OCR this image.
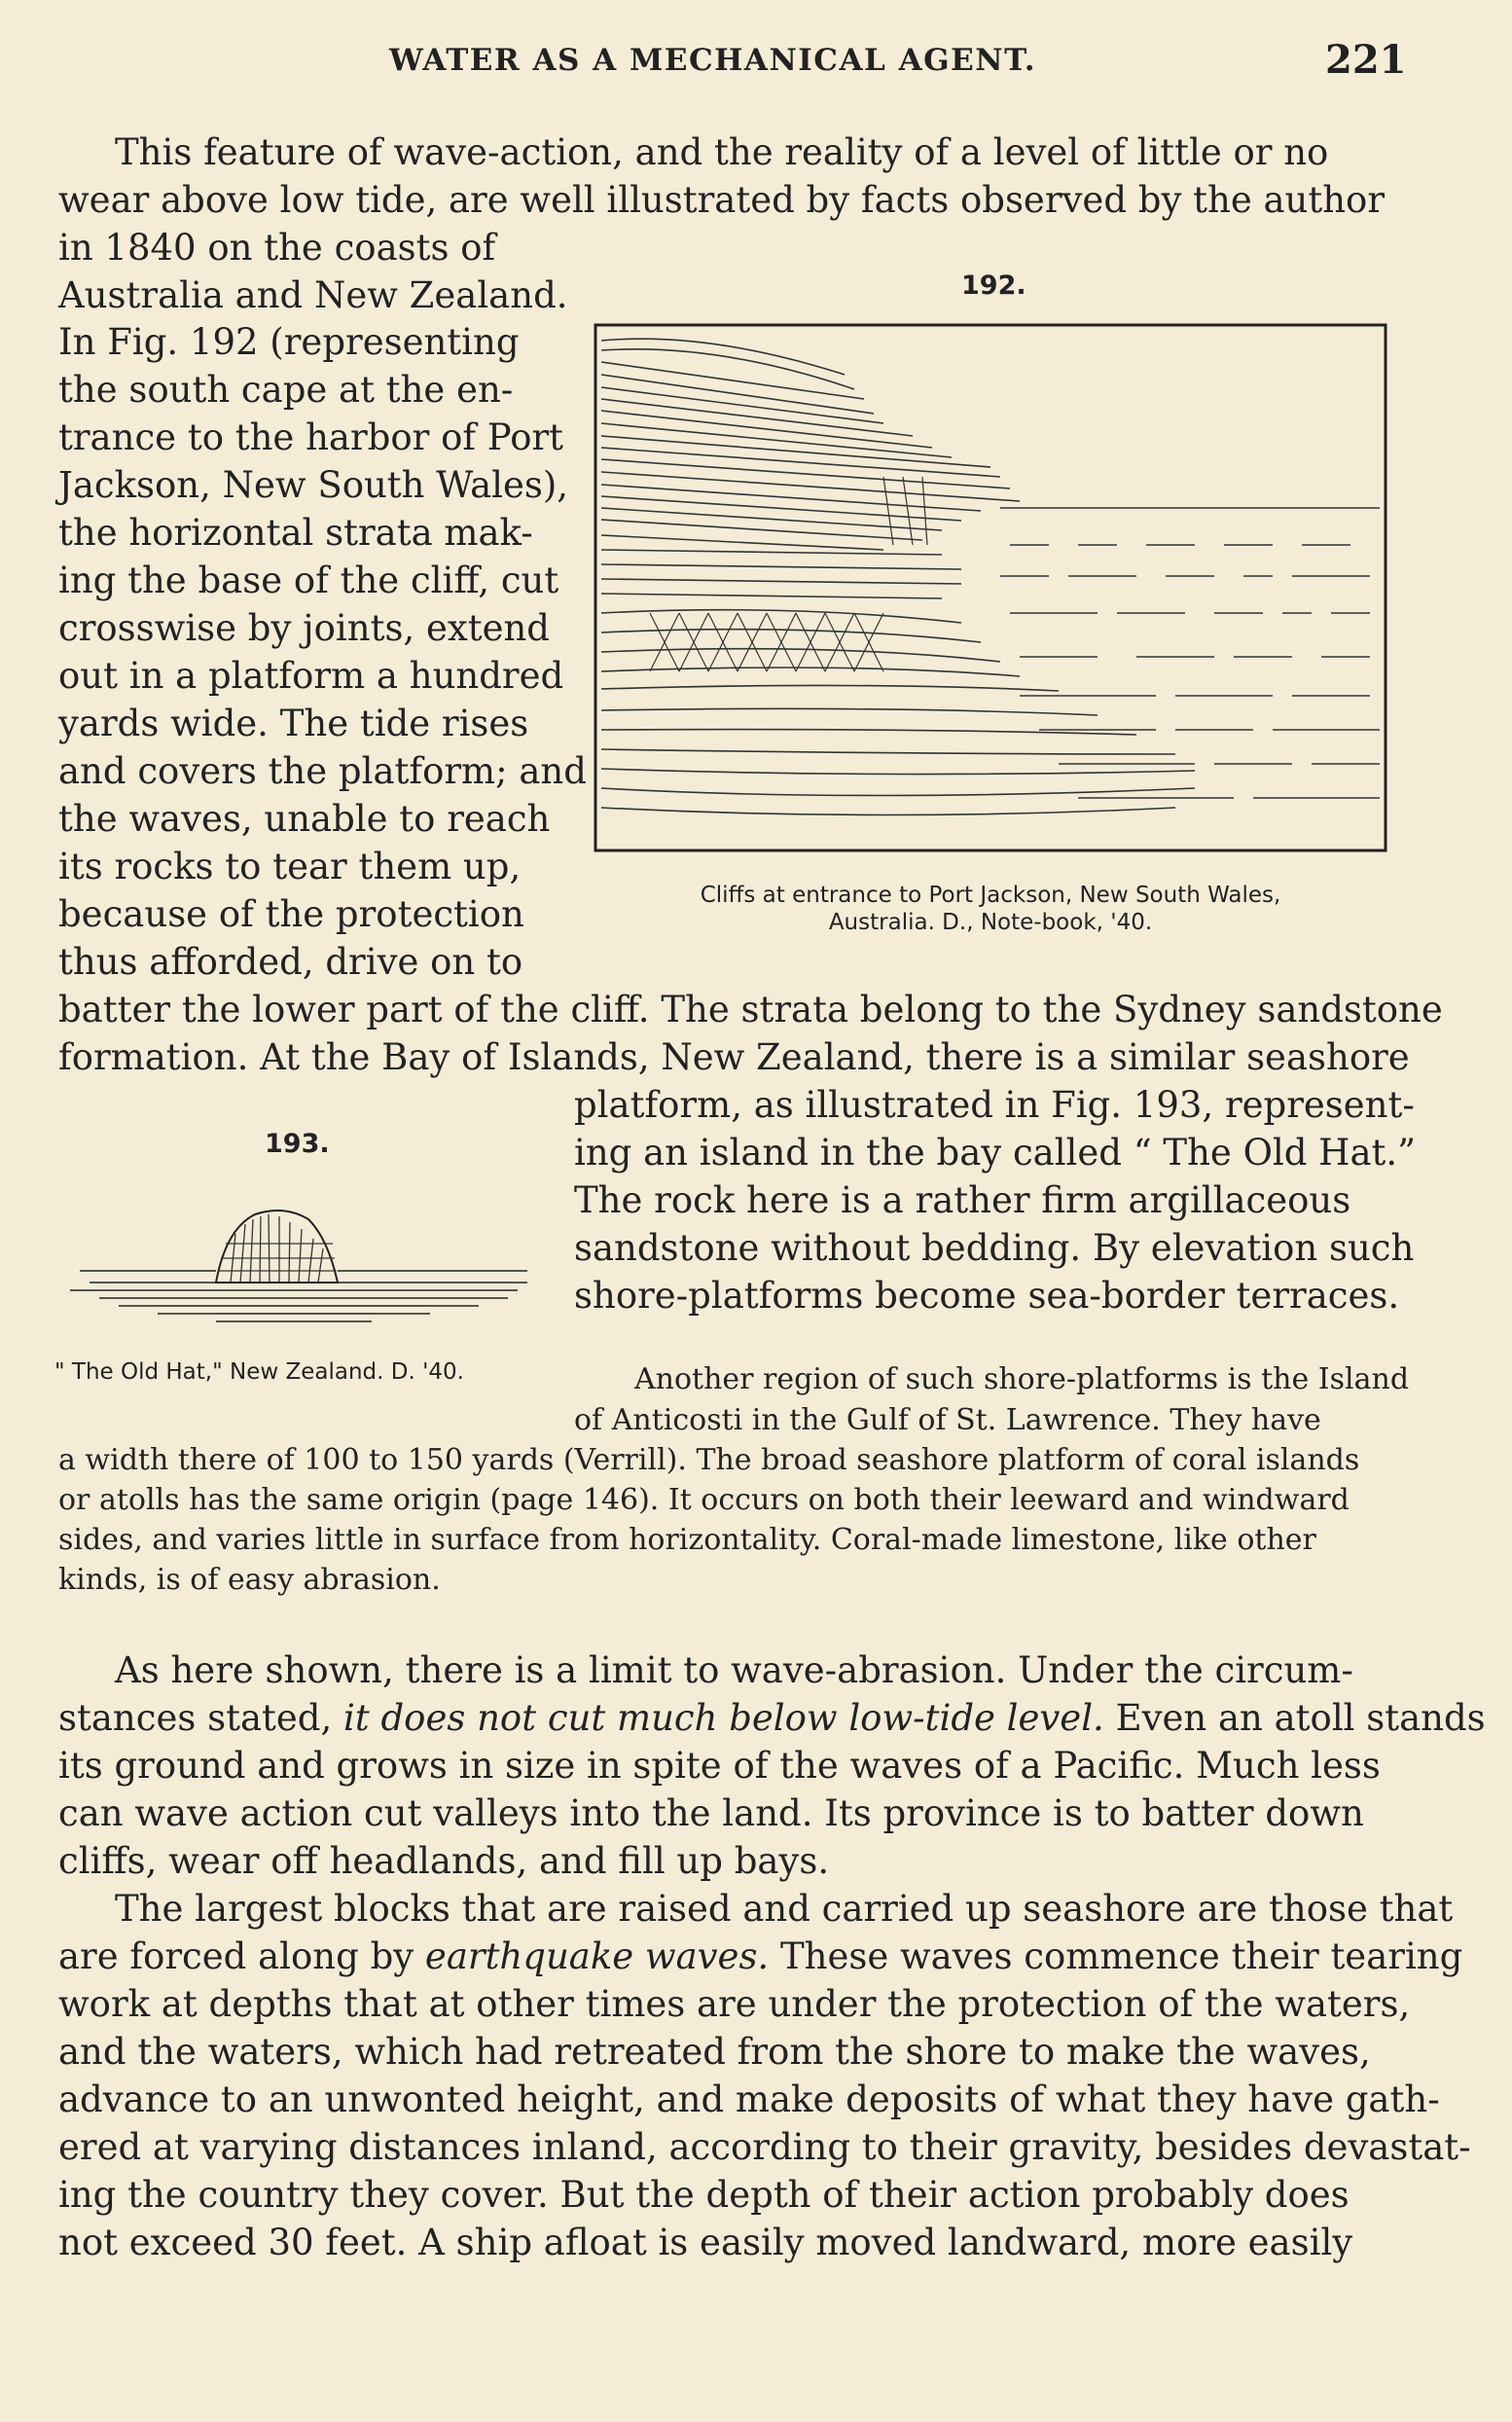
WATER AS A MECHANICAL AGENT.	221
This feature of wave-action, and the reality of a level of little or no
wear above low tide, are well illustrated by facts observed by the author
in 1840 on the coasts of
Australia and New Zealand.
In Fig. 192 (representing
the south cape at the en-
trance to the harbor of Port
Jackson, New South Wales),
the horizontal strata mak-
ing the base of the cliff, cut
crosswise by joints, extend
out in a platform a hundred
yards wide. The tide rises
and covers the platform; and
the waves, unable to reach
its rocks to tear them up,
because of the protection
thus afforded, drive on to
batter the lower part of the cliff. The strata belong to the Sydney sandstone
formation. At the Bay of Islands, New Zealand, there is a similar seashore
platform, as illustrated in Fig. 193, represent-
ing an island in the bay called “ The Old Hat.”
The rock here is a rather firm argillaceous
sandstone without bedding. By elevation such
shore-platforms become sea-border terraces.
Another region of such shore-platforms is the Island
of Anticosti in the Gulf of St. Lawrence. They have
a width there of 100 to 150 yards (Verrill). The broad seashore platform of coral islands
or atolls has the same origin (page 146). It occurs on both their leeward and windward
sides, and varies little in surface from horizontality. Coral-made limestone, like other
kinds, is of easy abrasion.
As here shown, there is a limit to wave-abrasion. Under the circum-
stances stated, it does not cut much below low-tide level. Even an atoll stands
its ground and grows in size in spite of the waves of a Pacific. Much less
can wave action cut valleys into the land. Its province is to batter down
cliffs, wear off headlands, and fill up bays.
The largest blocks that are raised and carried up seashore are those that
are forced along by earthquake waves. These waves commence their tearing
work at depths that at other times are under the protection of the waters,
and the waters, which had retreated from the shore to make the waves,
advance to an unwonted height, and make deposits of what they have gath-
ered at varying distances inland, according to their gravity, besides devastat-
ing the country they cover. But the depth of their action probably does
not exceed 30 feet. A ship afloat is easily moved landward, more easily
192.
Cliffs at entrance to Port Jackson, New South Wales,
Australia. D., Note-book, '40.
193.
" The Old Hat," New Zealand. D. '40.
